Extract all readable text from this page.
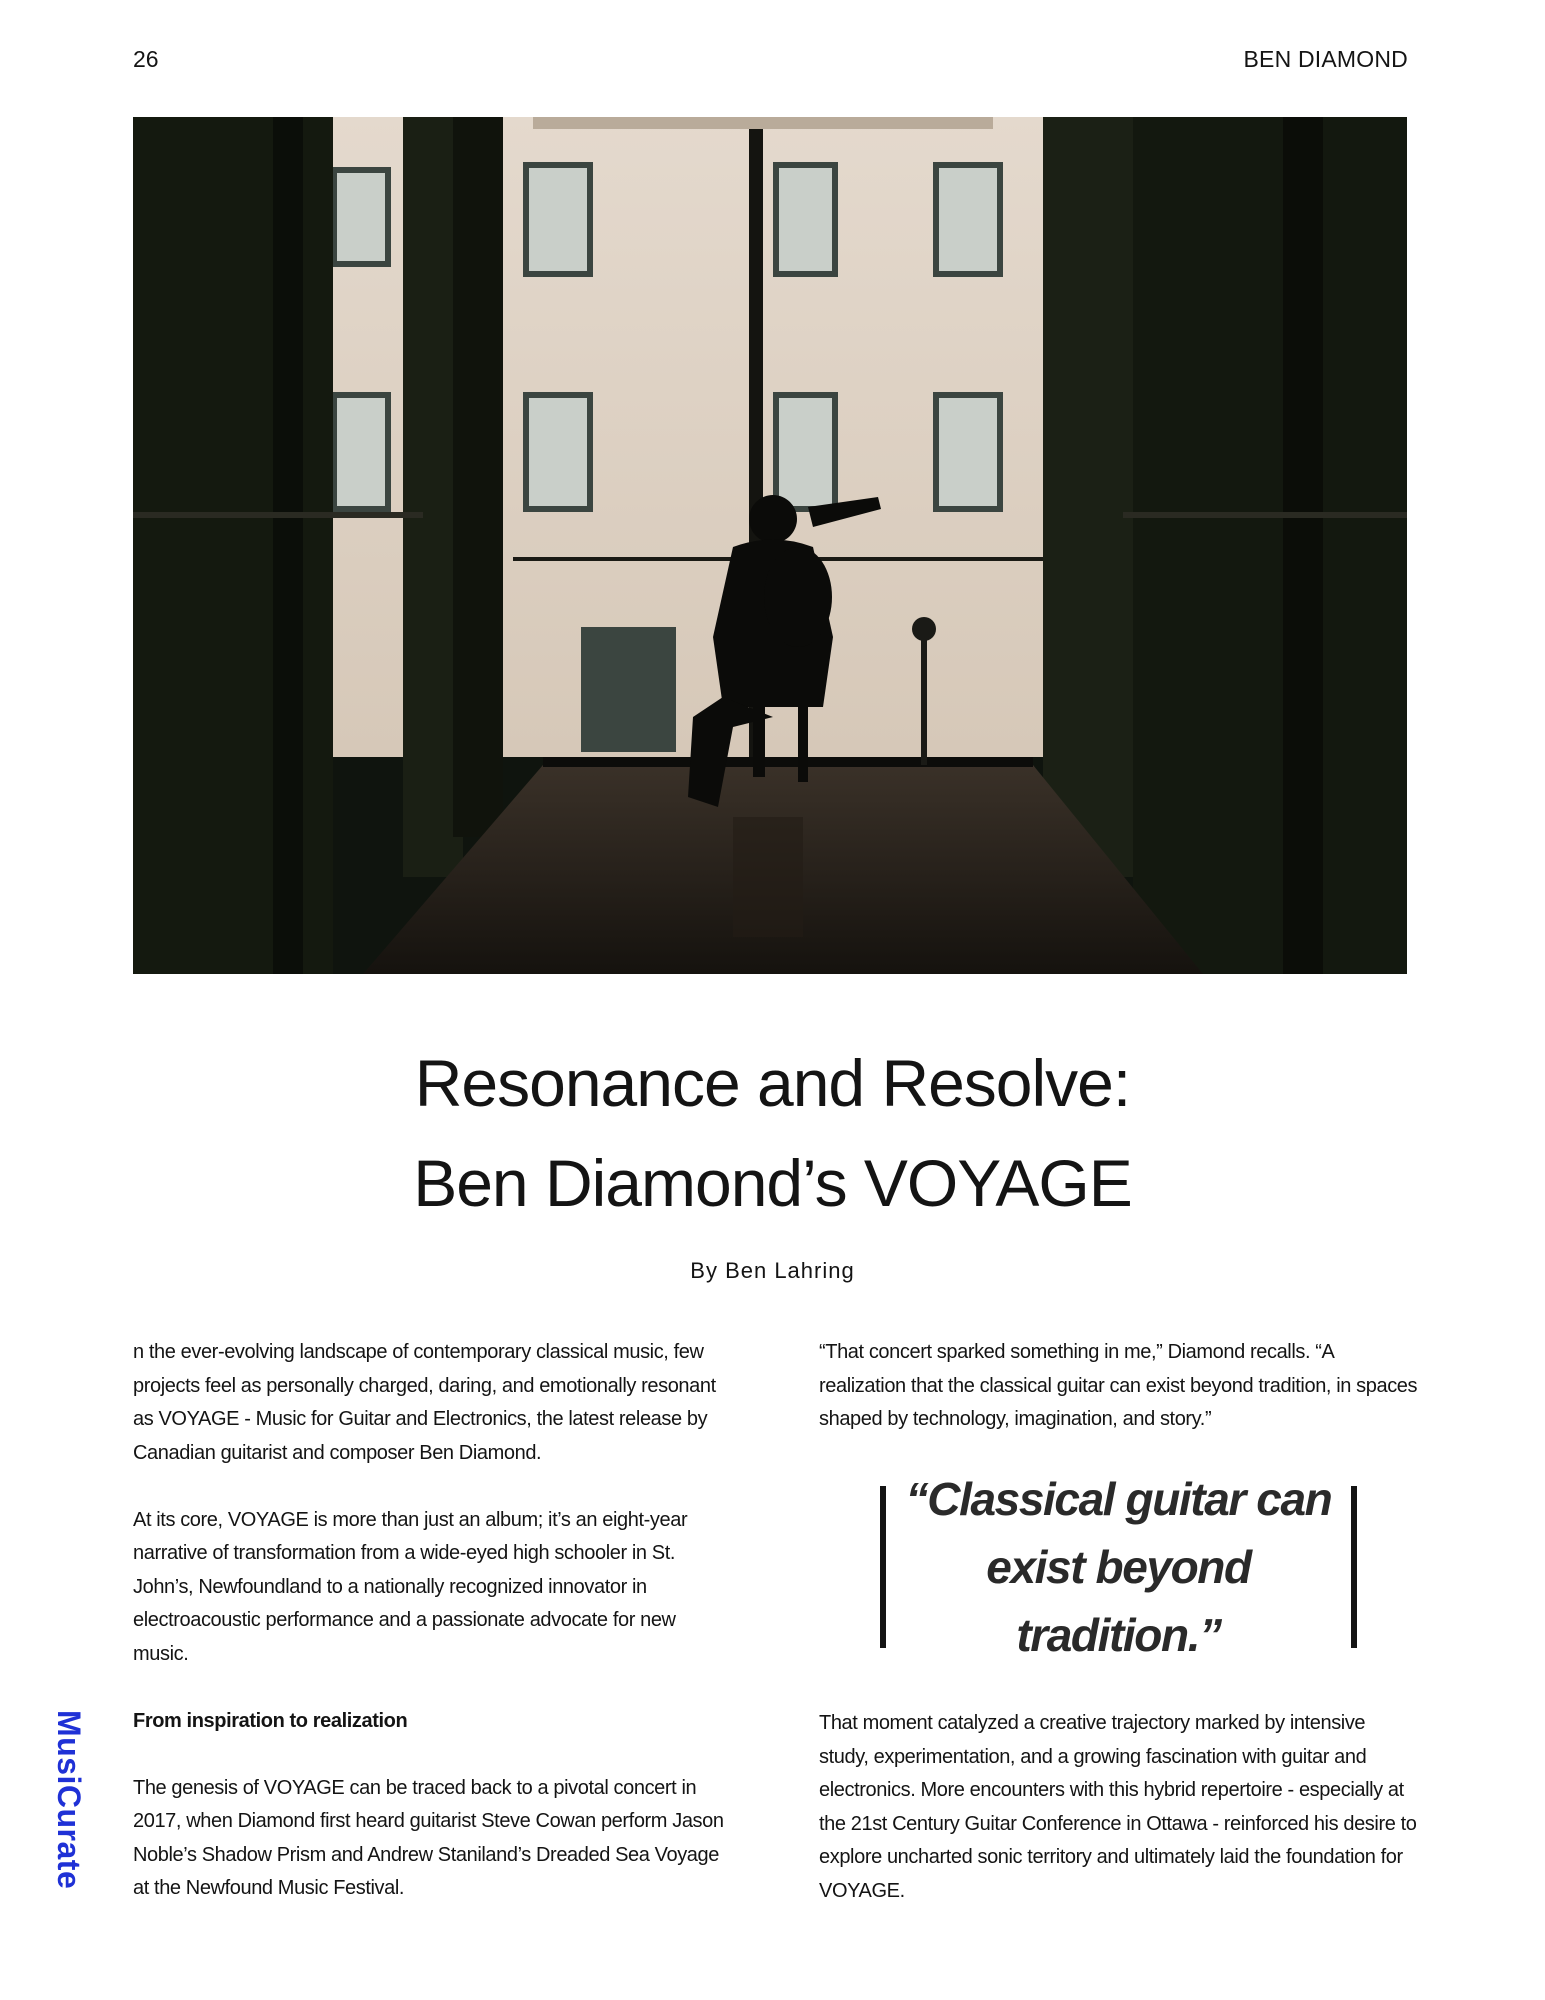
26	BEN DIAMOND
Resonance and Resolve:
Ben Diamond’s VOYAGE
By Ben Lahring

n the ever-evolving landscape of contemporary classical music, few projects feel as personally charged, daring, and emotionally resonant as VOYAGE - Music for Guitar and Electronics, the latest release by Canadian guitarist and composer Ben Diamond.

At its core, VOYAGE is more than just an album; it’s an eight-year narrative of transformation from a wide-eyed high schooler in St. John’s, Newfoundland to a nationally recognized innovator in electroacoustic performance and a passionate advocate for new music.

From inspiration to realization

The genesis of VOYAGE can be traced back to a pivotal concert in 2017, when Diamond first heard guitarist Steve Cowan perform Jason Noble’s Shadow Prism and Andrew Staniland’s Dreaded Sea Voyage at the Newfound Music Festival.

“That concert sparked something in me,” Diamond recalls. “A realization that the classical guitar can exist beyond tradition, in spaces shaped by technology, imagination, and story.”

“Classical guitar can
exist beyond tradition.”

That moment catalyzed a creative trajectory marked by intensive study, experimentation, and a growing fascination with guitar and electronics. More encounters with this hybrid repertoire - especially at the 21st Century Guitar Conference in Ottawa - reinforced his desire to explore uncharted sonic territory and ultimately laid the foundation for VOYAGE.

MusiCurate
